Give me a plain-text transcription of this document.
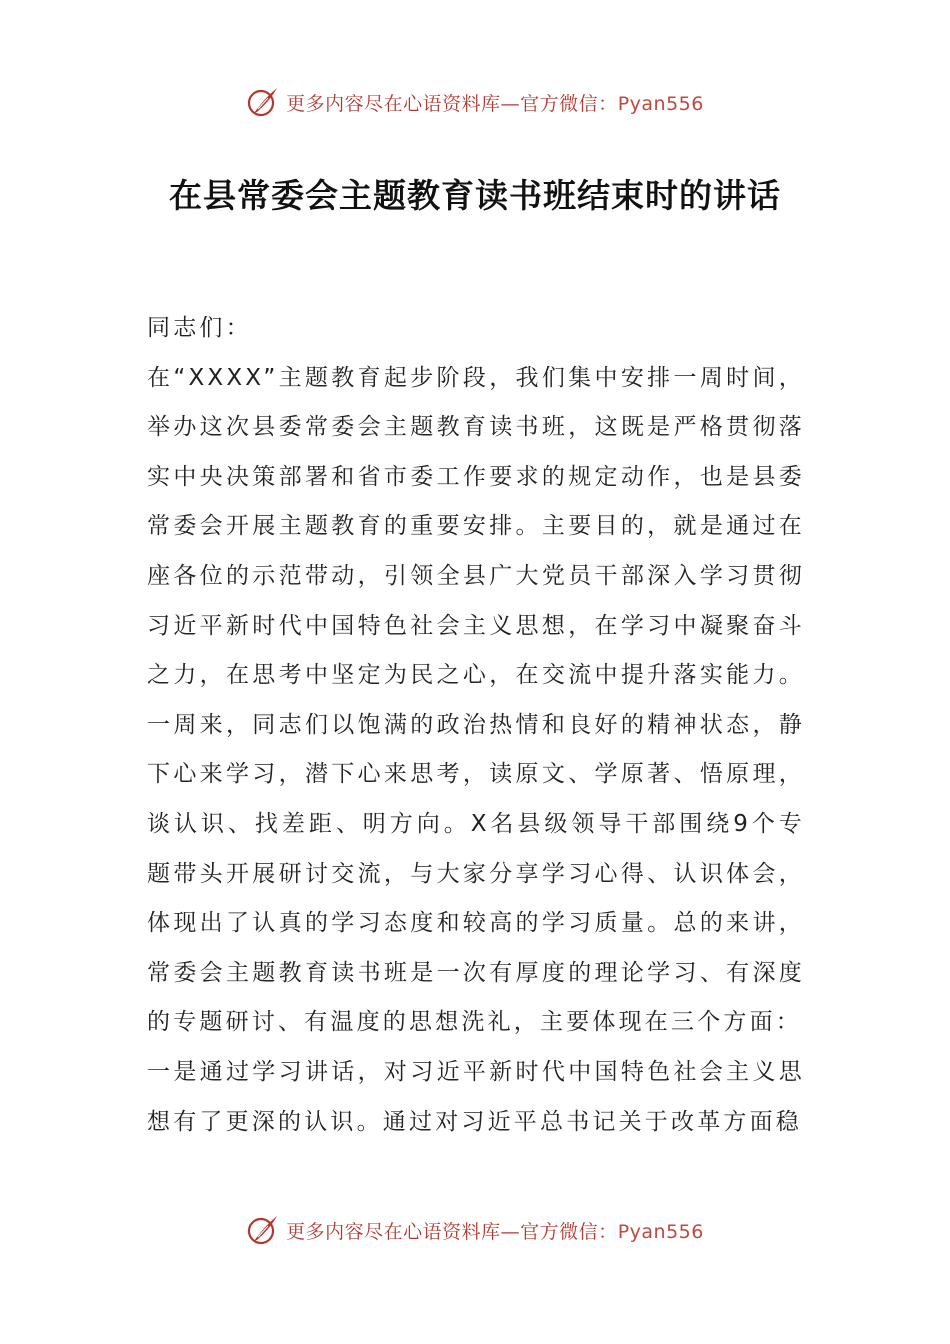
更多内容尽在心语资料库—官方微信：Pyan556
在县常委会主题教育读书班结束时的讲话

同志们：

在“XXXX”主题教育起步阶段，我们集中安排一周时间，举办这次县委常委会主题教育读书班，这既是严格贯彻落实中央决策部署和省市委工作要求的规定动作，也是县委常委会开展主题教育的重要安排。主要目的，就是通过在座各位的示范带动，引领全县广大党员干部深入学习贯彻习近平新时代中国特色社会主义思想，在学习中凝聚奋斗之力，在思考中坚定为民之心，在交流中提升落实能力。一周来，同志们以饱满的政治热情和良好的精神状态，静下心来学习，潜下心来思考，读原文、学原著、悟原理，谈认识、找差距、明方向。X名县级领导干部围绕9个专题带头开展研讨交流，与大家分享学习心得、认识体会，体现出了认真的学习态度和较高的学习质量。总的来讲，常委会主题教育读书班是一次有厚度的理论学习、有深度的专题研讨、有温度的思想洗礼，主要体现在三个方面：

一是通过学习讲话，对习近平新时代中国特色社会主义思想有了更深的认识。通过对习近平总书记关于改革方面稳

更多内容尽在心语资料库—官方微信：Pyan556
